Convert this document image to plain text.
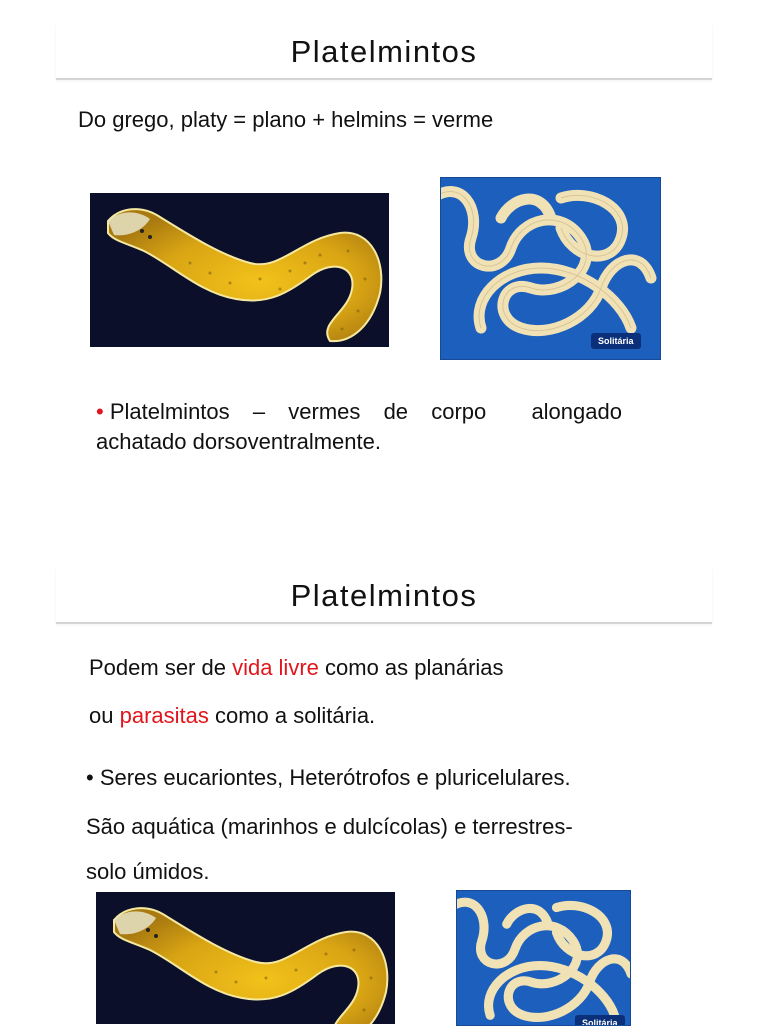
Platelmintos
Do grego, platy = plano + helmins = verme
Solitária
• Platelmintos – vermes de corpo alongado
achatado dorsoventralmente.
Platelmintos
Podem ser de vida livre como as planárias
ou parasitas como a solitária.
• Seres eucariontes, Heterótrofos e pluricelulares.
São aquática (marinhos e dulcícolas) e terrestres-
solo úmidos.
Solitária
